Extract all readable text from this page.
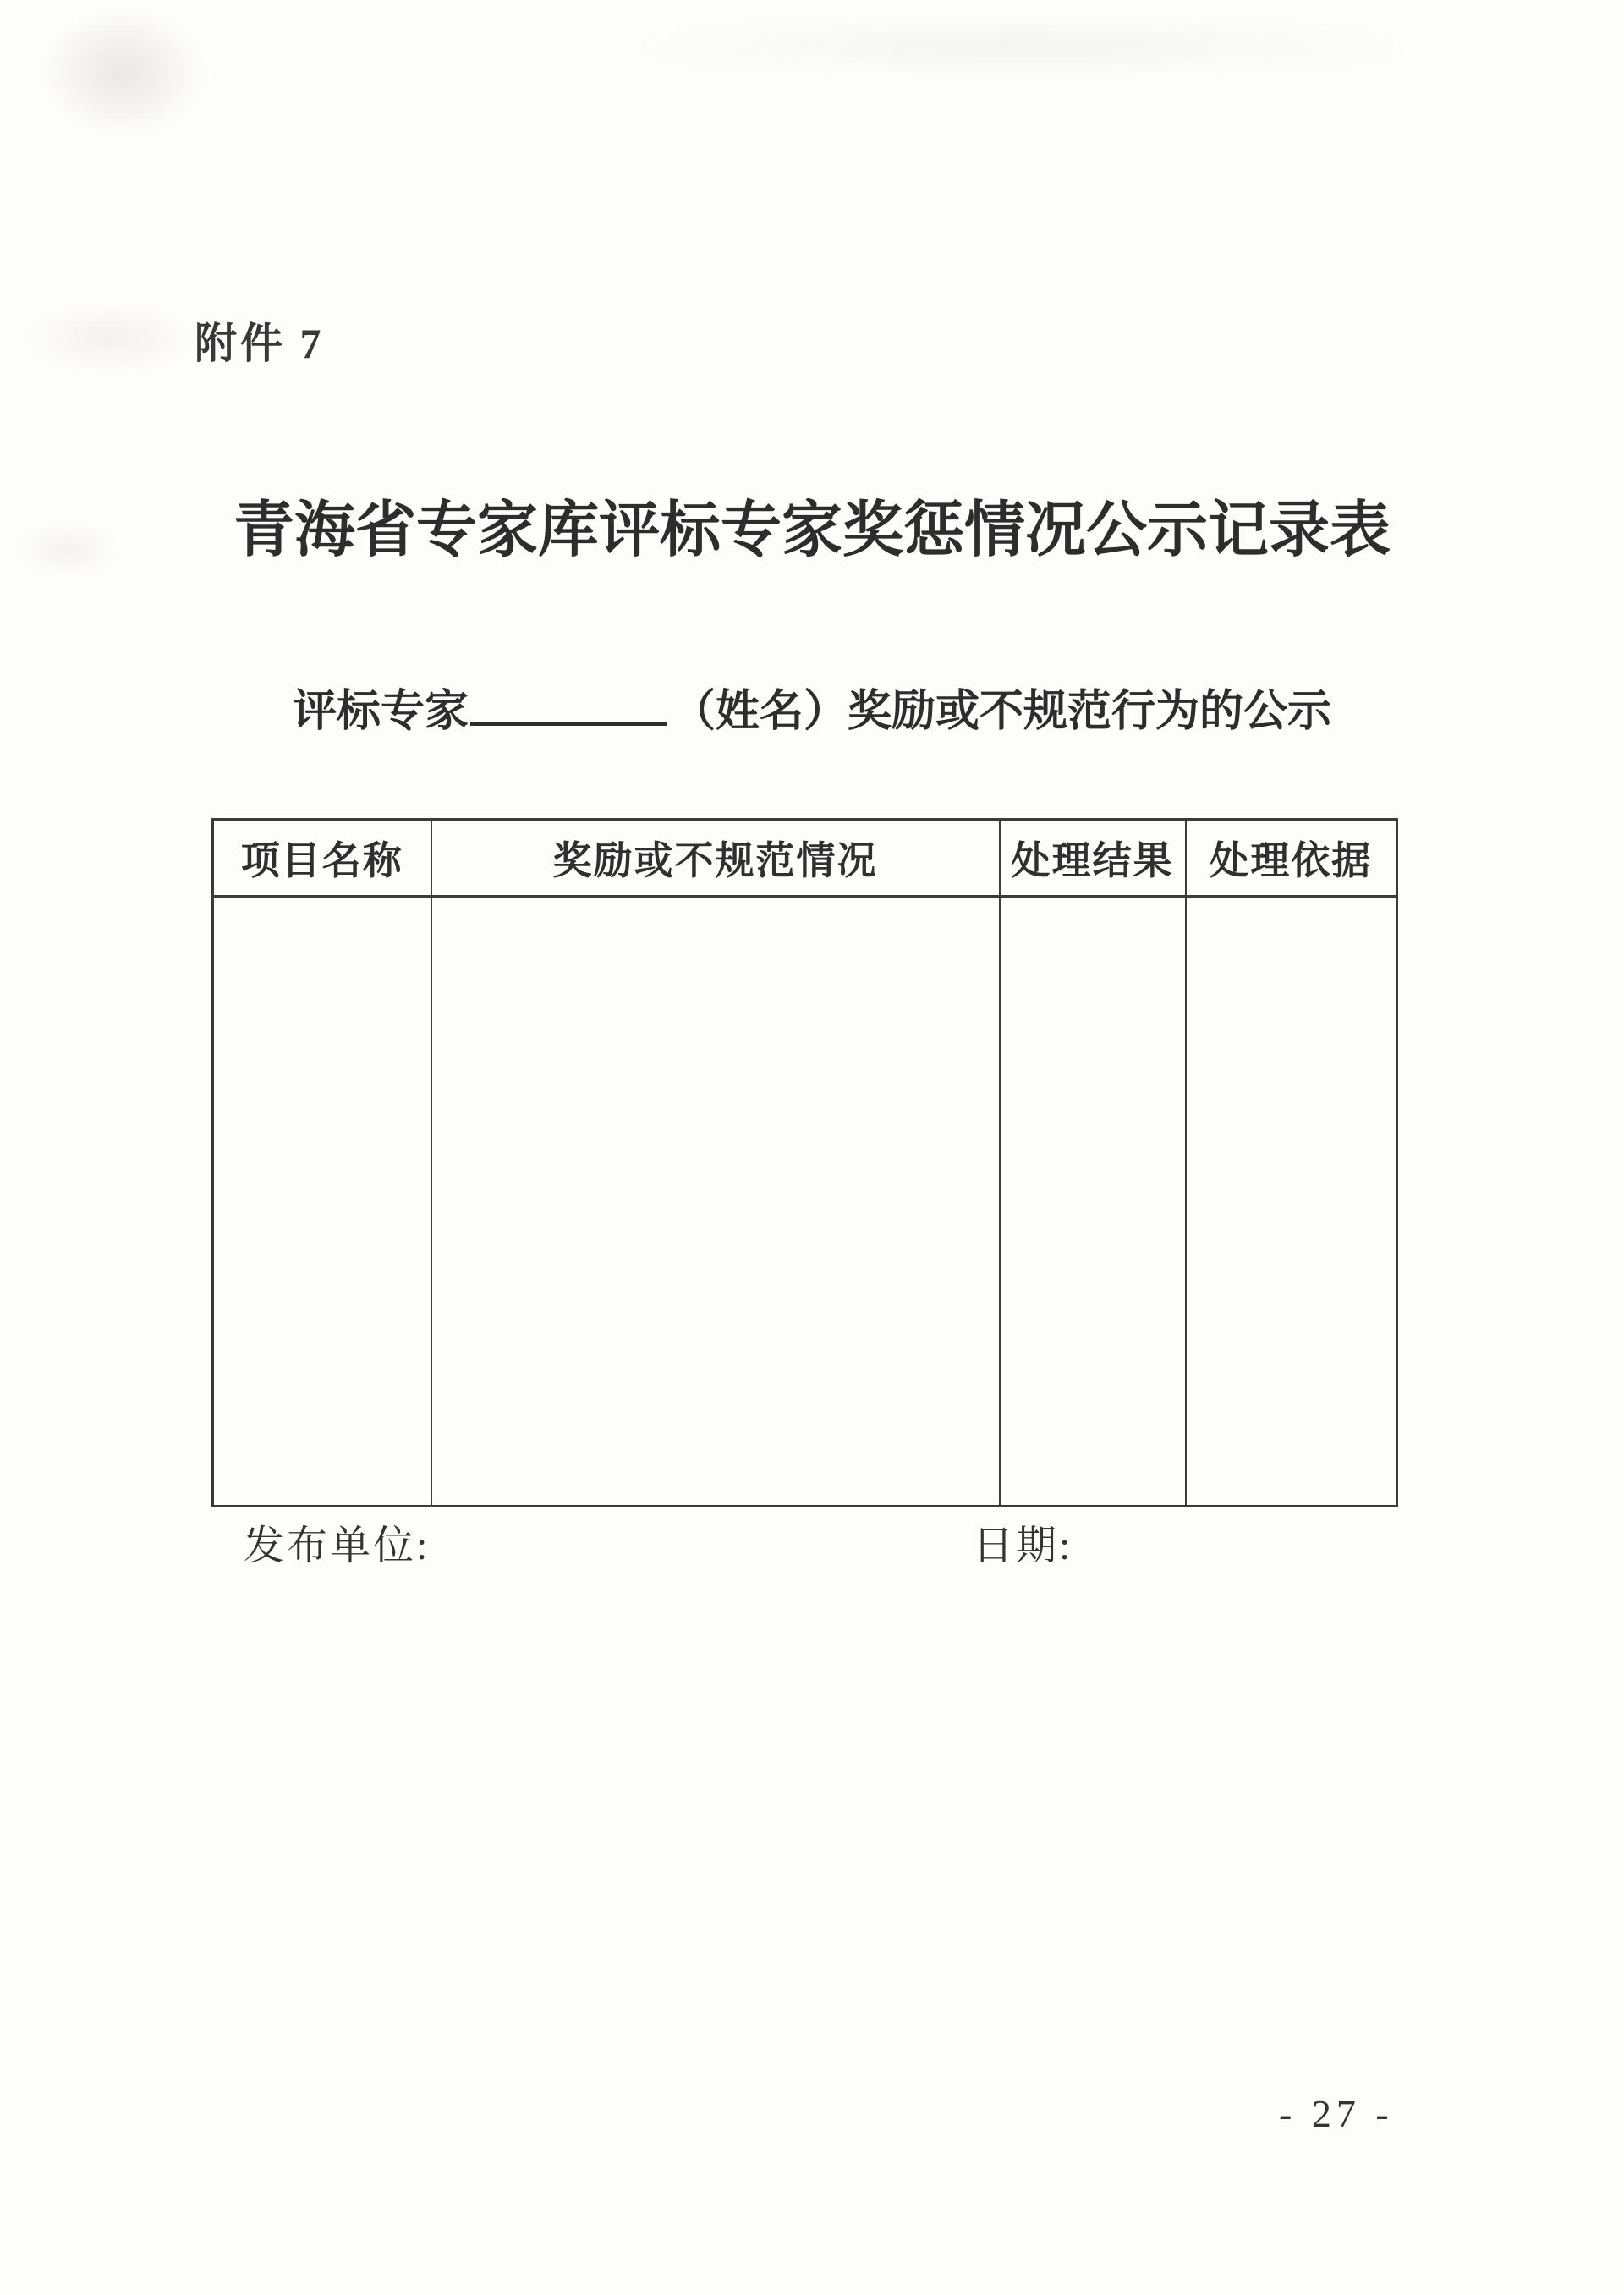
附件 7
青海省专家库评标专家奖惩情况公示记录表
评标专家	（姓名）奖励或不规范行为的公示
项目名称	奖励或不规范情况	处理结果	处理依据

发布单位:	日期:
- 27 -
